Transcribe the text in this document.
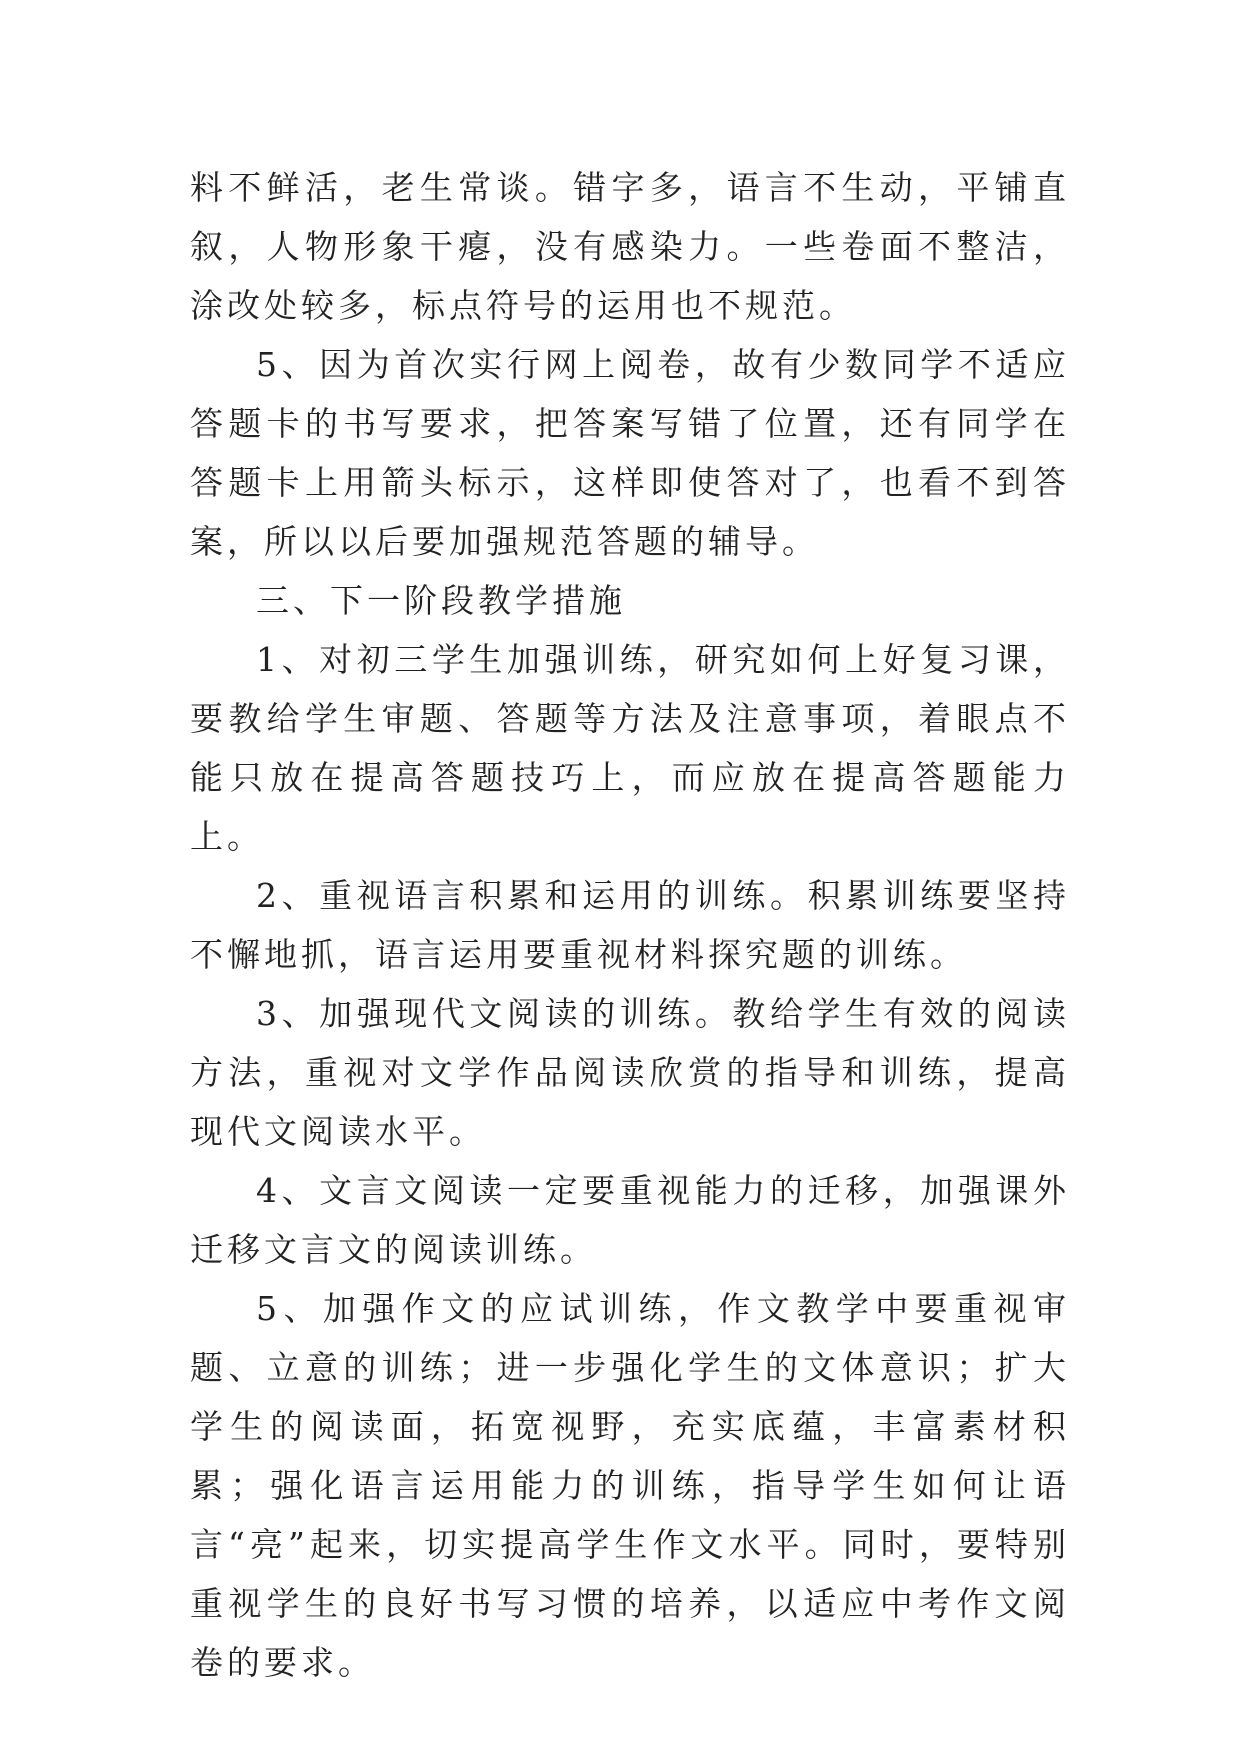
料不鲜活，老生常谈。错字多，语言不生动，平铺直叙，人物形象干瘪，没有感染力。一些卷面不整洁，涂改处较多，标点符号的运用也不规范。

5、因为首次实行网上阅卷，故有少数同学不适应答题卡的书写要求，把答案写错了位置，还有同学在答题卡上用箭头标示，这样即使答对了，也看不到答案，所以以后要加强规范答题的辅导。

三、下一阶段教学措施

1、对初三学生加强训练，研究如何上好复习课，要教给学生审题、答题等方法及注意事项，着眼点不能只放在提高答题技巧上，而应放在提高答题能力上。

2、重视语言积累和运用的训练。积累训练要坚持不懈地抓，语言运用要重视材料探究题的训练。

3、加强现代文阅读的训练。教给学生有效的阅读方法，重视对文学作品阅读欣赏的指导和训练，提高现代文阅读水平。

4、文言文阅读一定要重视能力的迁移，加强课外迁移文言文的阅读训练。

5、加强作文的应试训练，作文教学中要重视审题、立意的训练；进一步强化学生的文体意识；扩大学生的阅读面，拓宽视野，充实底蕴，丰富素材积累；强化语言运用能力的训练，指导学生如何让语言“亮”起来，切实提高学生作文水平。同时，要特别重视学生的良好书写习惯的培养，以适应中考作文阅卷的要求。
